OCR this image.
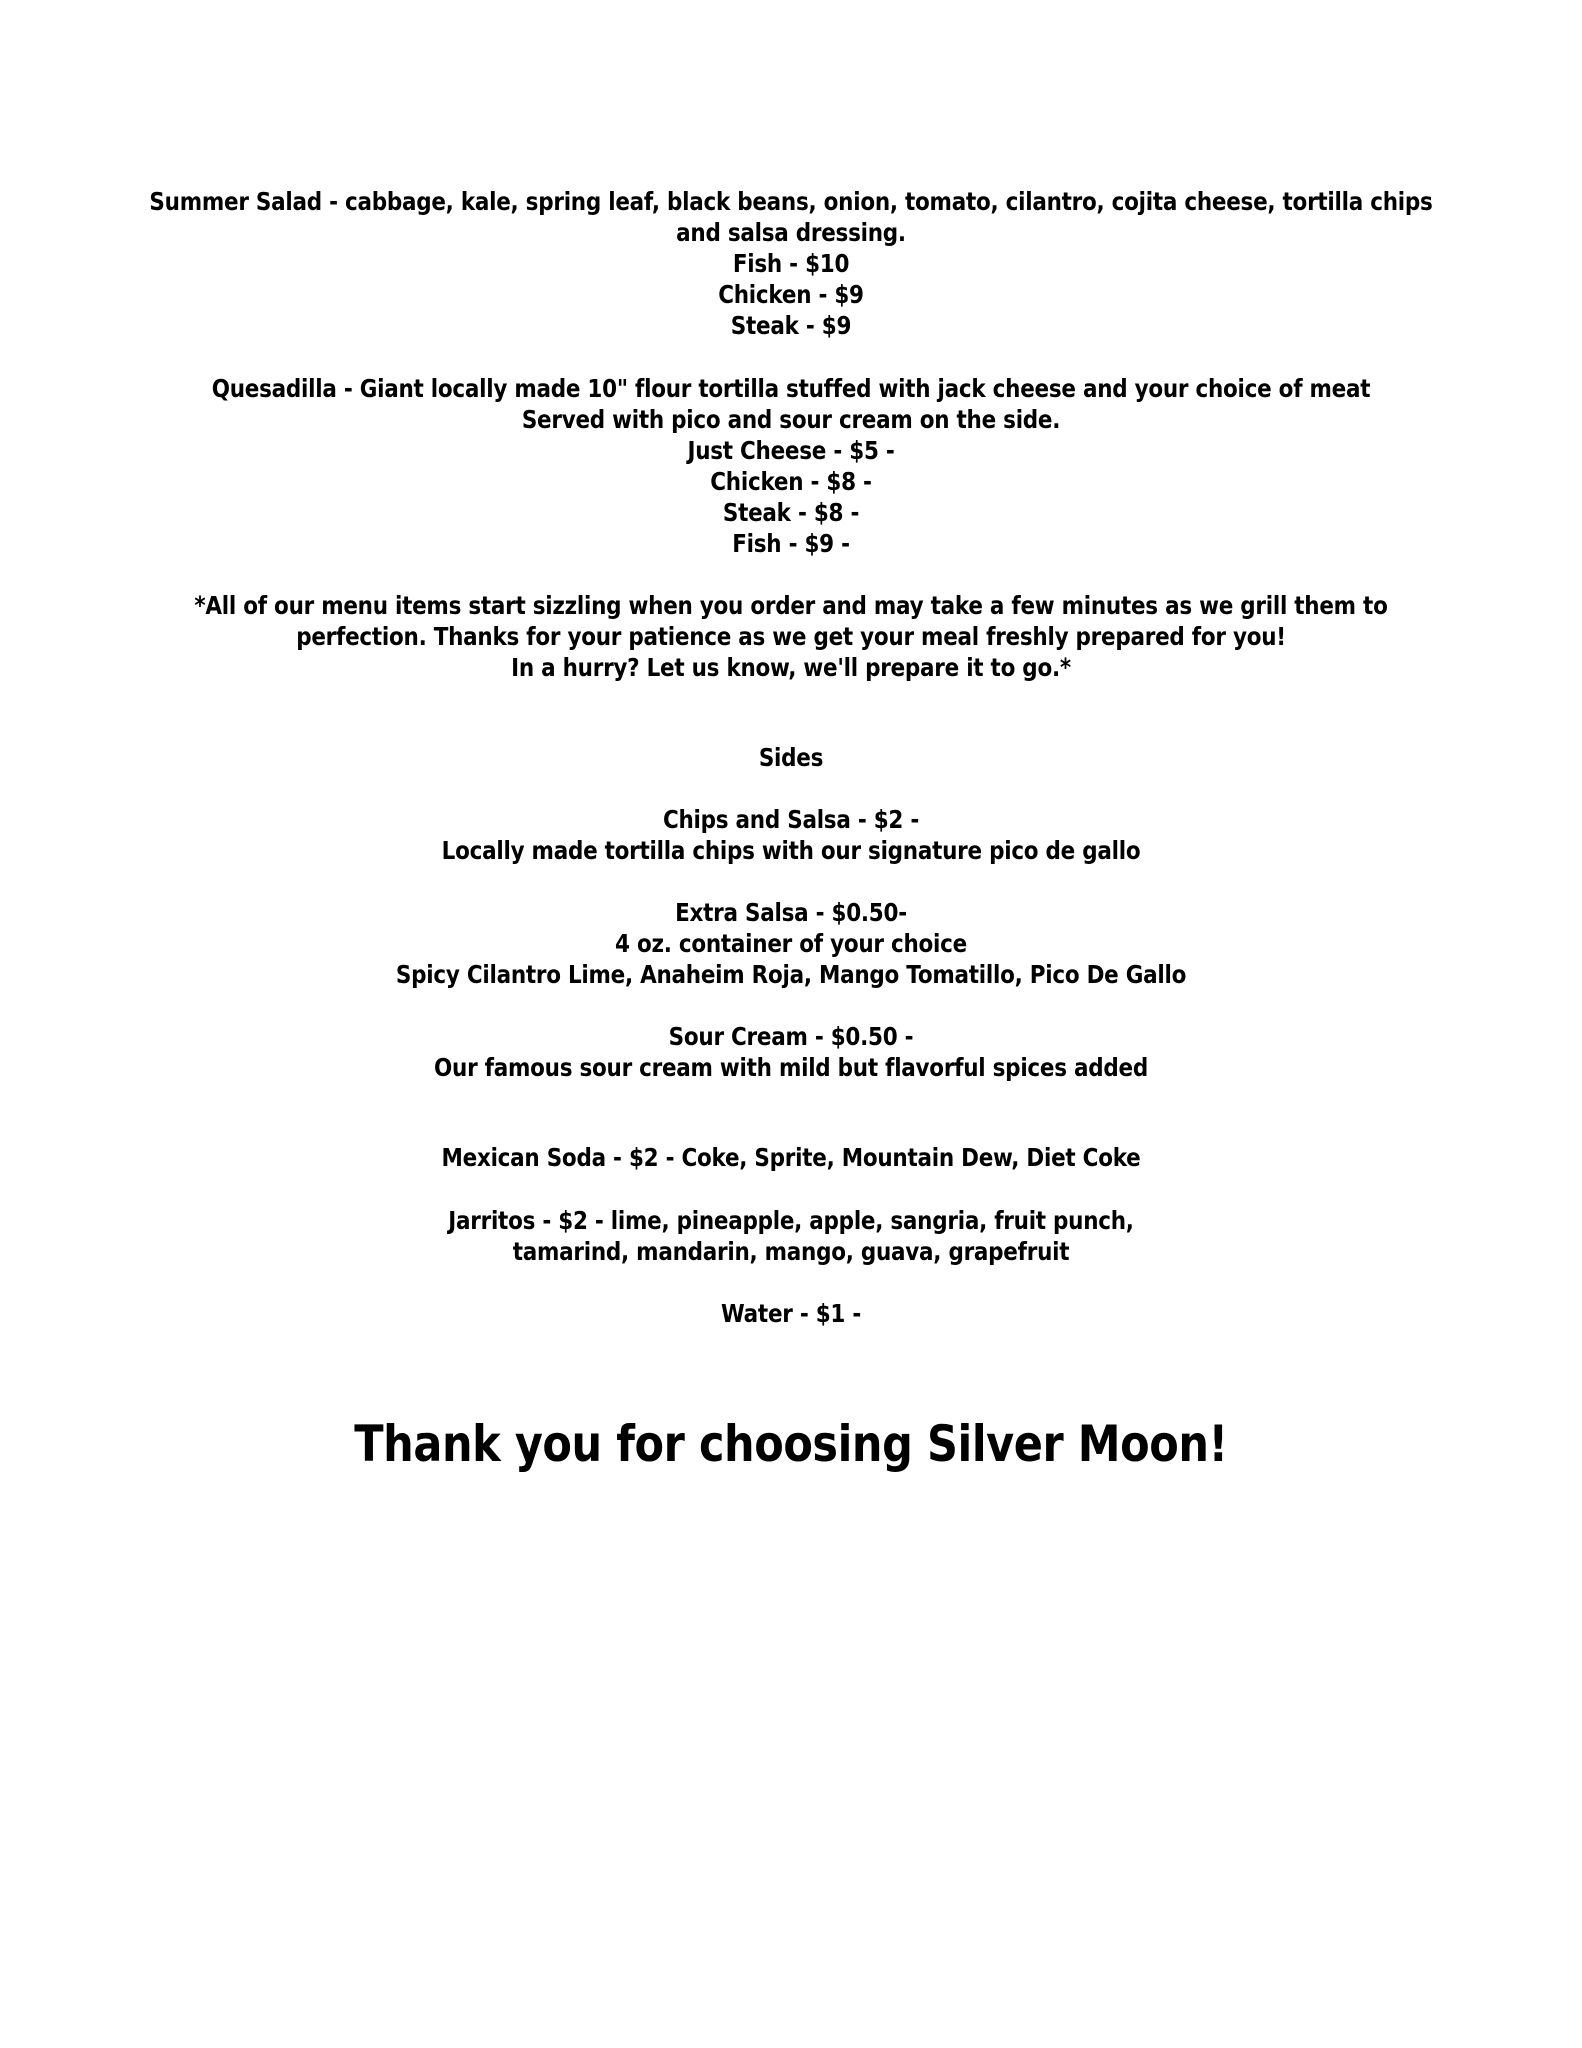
Summer Salad - cabbage, kale, spring leaf, black beans, onion, tomato, cilantro, cojita cheese, tortilla chips
and salsa dressing.
Fish - $10
Chicken - $9
Steak - $9
Quesadilla - Giant locally made 10" flour tortilla stuffed with jack cheese and your choice of meat
Served with pico and sour cream on the side.
Just Cheese - $5 -
Chicken - $8 -
Steak - $8 -
Fish - $9 -
*All of our menu items start sizzling when you order and may take a few minutes as we grill them to
perfection. Thanks for your patience as we get your meal freshly prepared for you!
In a hurry? Let us know, we'll prepare it to go.*
Sides
Chips and Salsa - $2 -
Locally made tortilla chips with our signature pico de gallo
Extra Salsa - $0.50-
4 oz. container of your choice
Spicy Cilantro Lime, Anaheim Roja, Mango Tomatillo, Pico De Gallo
Sour Cream - $0.50 -
Our famous sour cream with mild but flavorful spices added
Mexican Soda - $2 - Coke, Sprite, Mountain Dew, Diet Coke
Jarritos - $2 - lime, pineapple, apple, sangria, fruit punch,
tamarind, mandarin, mango, guava, grapefruit
Water - $1 -
Thank you for choosing Silver Moon!
